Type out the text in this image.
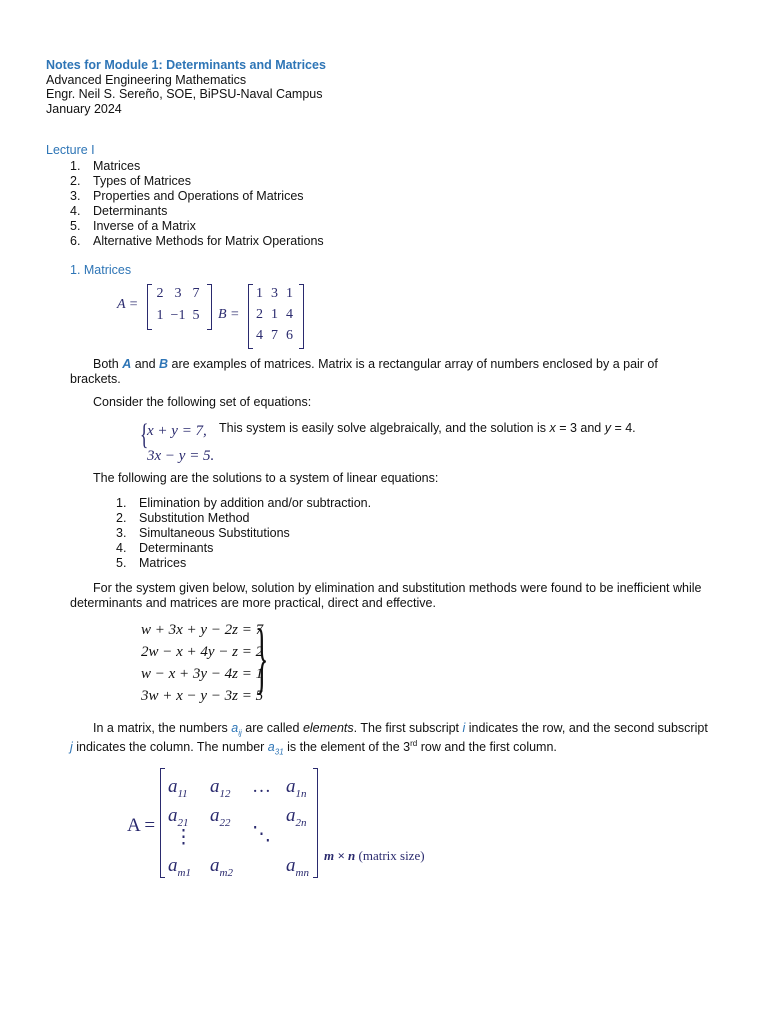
Notes for Module 1: Determinants and Matrices
Advanced Engineering Mathematics
Engr. Neil S. Sereño, SOE, BiPSU-Naval Campus
January 2024
Lecture I
1. Matrices
2. Types of Matrices
3. Properties and Operations of Matrices
4. Determinants
5. Inverse of a Matrix
6. Alternative Methods for Matrix Operations
1. Matrices
A =
2 3 7
1 −1 5	B =
1 3 1
2 1 4
4 7 6
Both A and B are examples of matrices. Matrix is a rectangular array of numbers enclosed by a pair of
brackets.
Consider the following set of equations:
{
x + y = 7,
3x − y = 5.
This system is easily solve algebraically, and the solution is x = 3 and y = 4.
The following are the solutions to a system of linear equations:
1. Elimination by addition and/or subtraction.
2. Substitution Method
3. Simultaneous Substitutions
4. Determinants
5. Matrices
For the system given below, solution by elimination and substitution methods were found to be inefficient while
determinants and matrices are more practical, direct and effective.
w + 3x + y − 2z = 7
2w − x + 4y − z = 2
w − x + 3y − 4z = 1
3w + x − y − 3z = 5
}
In a matrix, the numbers $a_{ij}$ are called elements. The first subscript i indicates the row, and the second subscript
j indicates the column. The number $a_{31}$ is the element of the 3rd row and the first column.
A =
$a_{11}$ $a_{12}$	$a_{1n}$
$a_{21}$ $a_{22}$	$a_{2n}$
$a_{m1}$ $a_{m2}$	$a_{mn}$
…
⋮	⋱
m × n (matrix size)
